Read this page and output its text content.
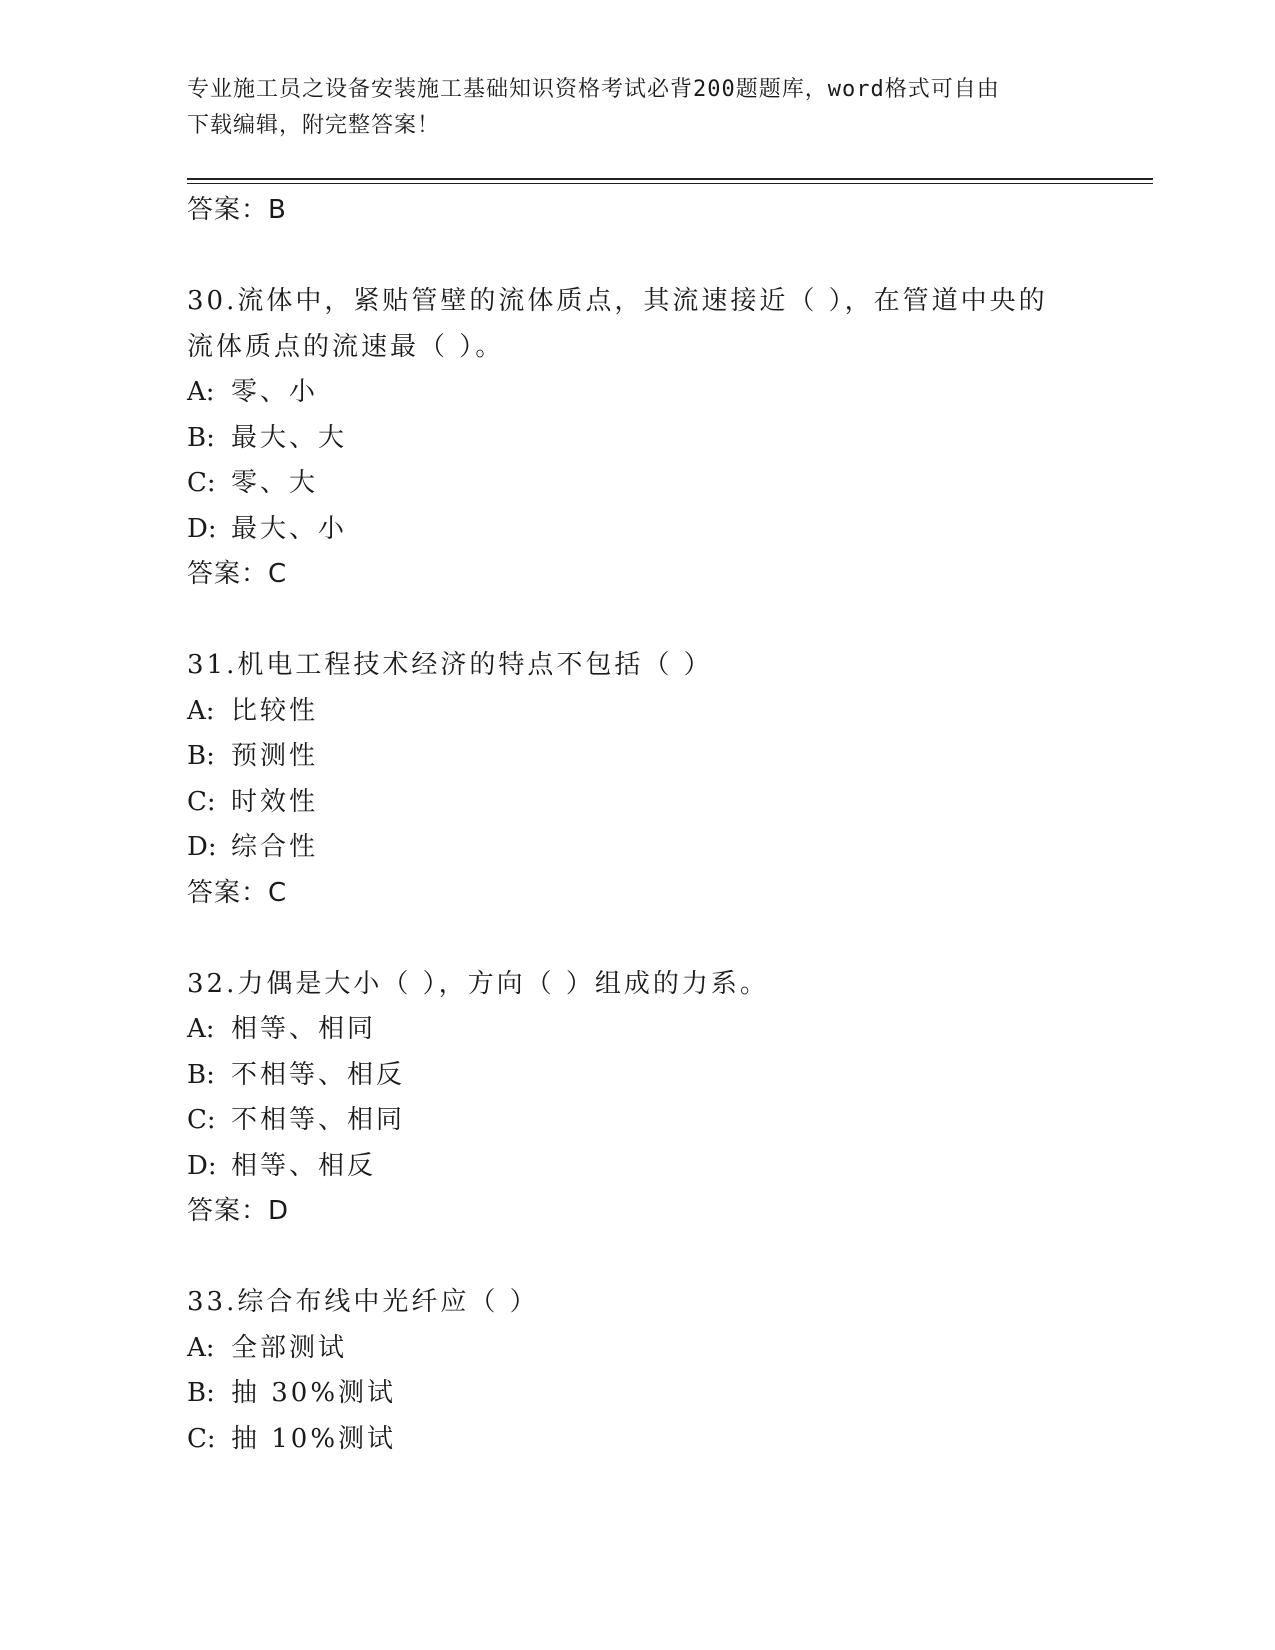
专业施工员之设备安装施工基础知识资格考试必背200题题库，word格式可自由
下载编辑，附完整答案！
答案：B
30.流体中，紧贴管壁的流体质点，其流速接近（ ），在管道中央的
流体质点的流速最（ ）。
A: 零、小
B: 最大、大
C: 零、大
D: 最大、小
答案：C
31.机电工程技术经济的特点不包括（ ）
A: 比较性
B: 预测性
C: 时效性
D: 综合性
答案：C
32.力偶是大小（ ），方向（ ）组成的力系。
A: 相等、相同
B: 不相等、相反
C: 不相等、相同
D: 相等、相反
答案：D
33.综合布线中光纤应（ ）
A: 全部测试
B: 抽 30%测试
C: 抽 10%测试
